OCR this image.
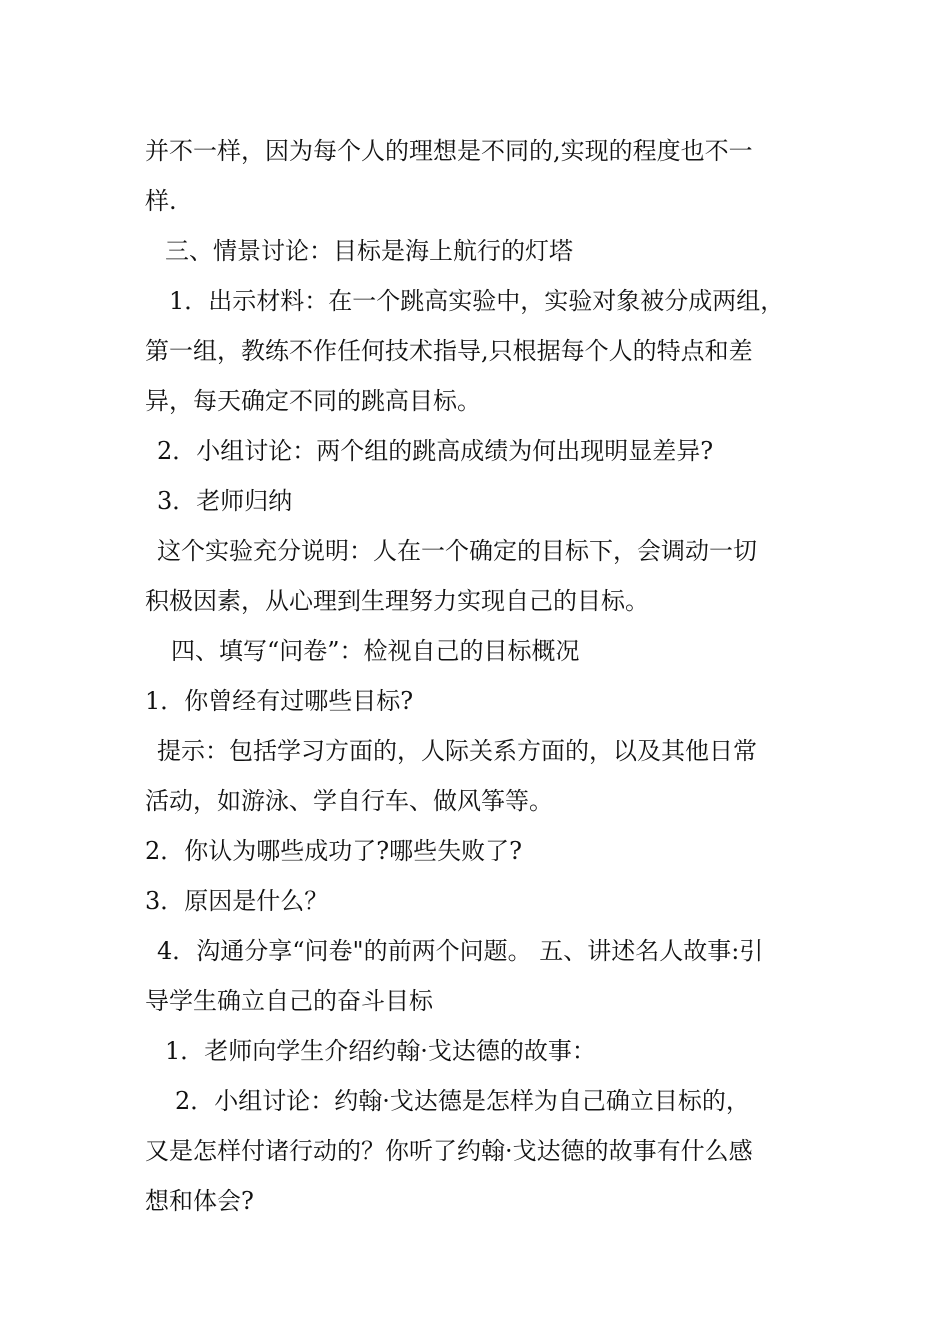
并不一样，因为每个人的理想是不同的,实现的程度也不一
样.
三、情景讨论：目标是海上航行的灯塔
1．出示材料：在一个跳高实验中，实验对象被分成两组，
第一组，教练不作任何技术指导,只根据每个人的特点和差
异，每天确定不同的跳高目标。
2．小组讨论：两个组的跳高成绩为何出现明显差异?
3．老师归纳
这个实验充分说明：人在一个确定的目标下，会调动一切
积极因素，从心理到生理努力实现自己的目标。
四、填写“问卷”：检视自己的目标概况
1．你曾经有过哪些目标?
提示：包括学习方面的，人际关系方面的，以及其他日常
活动，如游泳、学自行车、做风筝等。
2．你认为哪些成功了?哪些失败了?
3．原因是什么？
4．沟通分享“问卷"的前两个问题。 五、讲述名人故事:引
导学生确立自己的奋斗目标
1．老师向学生介绍约翰·戈达德的故事：
2．小组讨论：约翰·戈达德是怎样为自己确立目标的，
又是怎样付诸行动的？你听了约翰·戈达德的故事有什么感
想和体会?
